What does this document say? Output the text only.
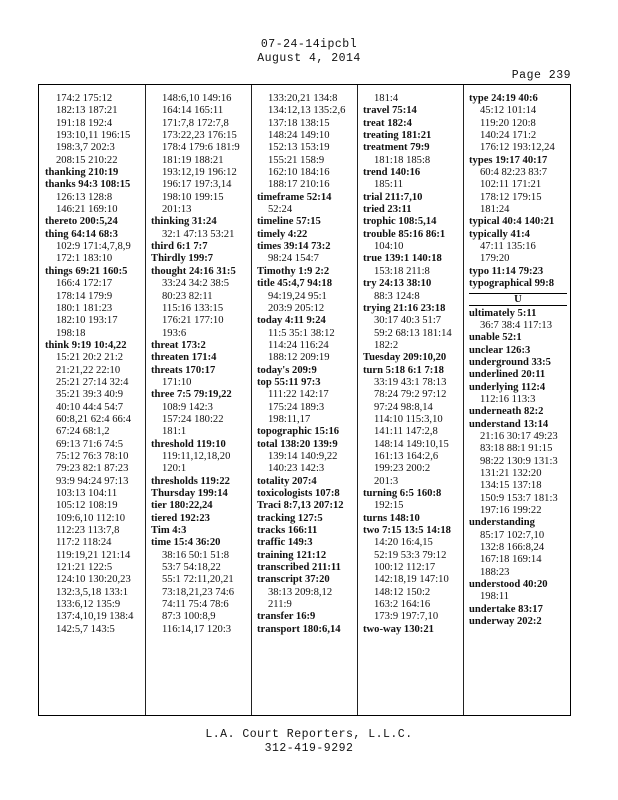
07-24-14ipcbl
August 4, 2014
Page 239
174:2 175:12
182:13 187:21
191:18 192:4
193:10,11 196:15
198:3,7 202:3
208:15 210:22
thanking 210:19
thanks 94:3 108:15
126:13 128:8
146:21 169:10
thereto 200:5,24
thing 64:14 68:3
102:9 171:4,7,8,9
172:1 183:10
things 69:21 160:5
166:4 172:17
178:14 179:9
180:1 181:23
182:10 193:17
198:18
think 9:19 10:4,22
15:21 20:2 21:2
21:21,22 22:10
25:21 27:14 32:4
35:21 39:3 40:9
40:10 44:4 54:7
60:8,21 62:4 66:4
67:24 68:1,2
69:13 71:6 74:5
75:12 76:3 78:10
79:23 82:1 87:23
93:9 94:24 97:13
103:13 104:11
105:12 108:19
109:6,10 112:10
112:23 113:7,8
117:2 118:24
119:19,21 121:14
121:21 122:5
124:10 130:20,23
132:3,5,18 133:1
133:6,12 135:9
137:4,10,19 138:4
142:5,7 143:5
148:6,10 149:16
164:14 165:11
171:7,8 172:7,8
173:22,23 176:15
178:4 179:6 181:9
181:19 188:21
193:12,19 196:12
196:17 197:3,14
198:10 199:15
201:13
thinking 31:24
32:1 47:13 53:21
third 6:1 7:7
Thirdly 199:7
thought 24:16 31:5
33:24 34:2 38:5
80:23 82:11
115:16 133:15
176:21 177:10
193:6
threat 173:2
threaten 171:4
threats 170:17
171:10
three 7:5 79:19,22
108:9 142:3
157:24 180:22
181:1
threshold 119:10
119:11,12,18,20
120:1
thresholds 119:22
Thursday 199:14
tier 180:22,24
tiered 192:23
Tim 4:3
time 15:4 36:20
38:16 50:1 51:8
53:7 54:18,22
55:1 72:11,20,21
73:18,21,23 74:6
74:11 75:4 78:6
87:3 100:8,9
116:14,17 120:3
133:20,21 134:8
134:12,13 135:2,6
137:18 138:15
148:24 149:10
152:13 153:19
155:21 158:9
162:10 184:16
188:17 210:16
timeframe 52:14
52:24
timeline 57:15
timely 4:22
times 39:14 73:2
98:24 154:7
Timothy 1:9 2:2
title 45:4,7 94:18
94:19,24 95:1
203:9 205:12
today 4:11 9:24
11:5 35:1 38:12
114:24 116:24
188:12 209:19
today's 209:9
top 55:11 97:3
111:22 142:17
175:24 189:3
198:11,17
topographic 15:16
total 138:20 139:9
139:14 140:9,22
140:23 142:3
totality 207:4
toxicologists 107:8
Traci 8:7,13 207:12
tracking 127:5
tracks 166:11
traffic 149:3
training 121:12
transcribed 211:11
transcript 37:20
38:13 209:8,12
211:9
transfer 16:9
transport 180:6,14
181:4
travel 75:14
treat 182:4
treating 181:21
treatment 79:9
181:18 185:8
trend 140:16
185:11
trial 211:7,10
tried 23:11
trophic 108:5,14
trouble 85:16 86:1
104:10
true 139:1 140:18
153:18 211:8
try 24:13 38:10
88:3 124:8
trying 21:16 23:18
30:17 40:3 51:7
59:2 68:13 181:14
182:2
Tuesday 209:10,20
turn 5:18 6:1 7:18
33:19 43:1 78:13
78:24 79:2 97:12
97:24 98:8,14
114:10 115:3,10
141:11 147:2,8
148:14 149:10,15
161:13 164:2,6
199:23 200:2
201:3
turning 6:5 160:8
192:15
turns 148:10
two 7:15 13:5 14:18
14:20 16:4,15
52:19 53:3 79:12
100:12 112:17
142:18,19 147:10
148:12 150:2
163:2 164:16
173:9 197:7,10
two-way 130:21
type 24:19 40:6
45:12 101:14
119:20 120:8
140:24 171:2
176:12 193:12,24
types 19:17 40:17
60:4 82:23 83:7
102:11 171:21
178:12 179:15
181:24
typical 40:4 140:21
typically 41:4
47:11 135:16
179:20
typo 11:14 79:23
typographical 99:8
U
ultimately 5:11
36:7 38:4 117:13
unable 52:1
unclear 126:3
underground 33:5
underlined 20:11
underlying 112:4
112:16 113:3
underneath 82:2
understand 13:14
21:16 30:17 49:23
83:18 88:1 91:15
98:22 130:9 131:3
131:21 132:20
134:15 137:18
150:9 153:7 181:3
197:16 199:22
understanding
85:17 102:7,10
132:8 166:8,24
167:18 169:14
188:23
understood 40:20
198:11
undertake 83:17
underway 202:2
L.A. Court Reporters, L.L.C.
312-419-9292
